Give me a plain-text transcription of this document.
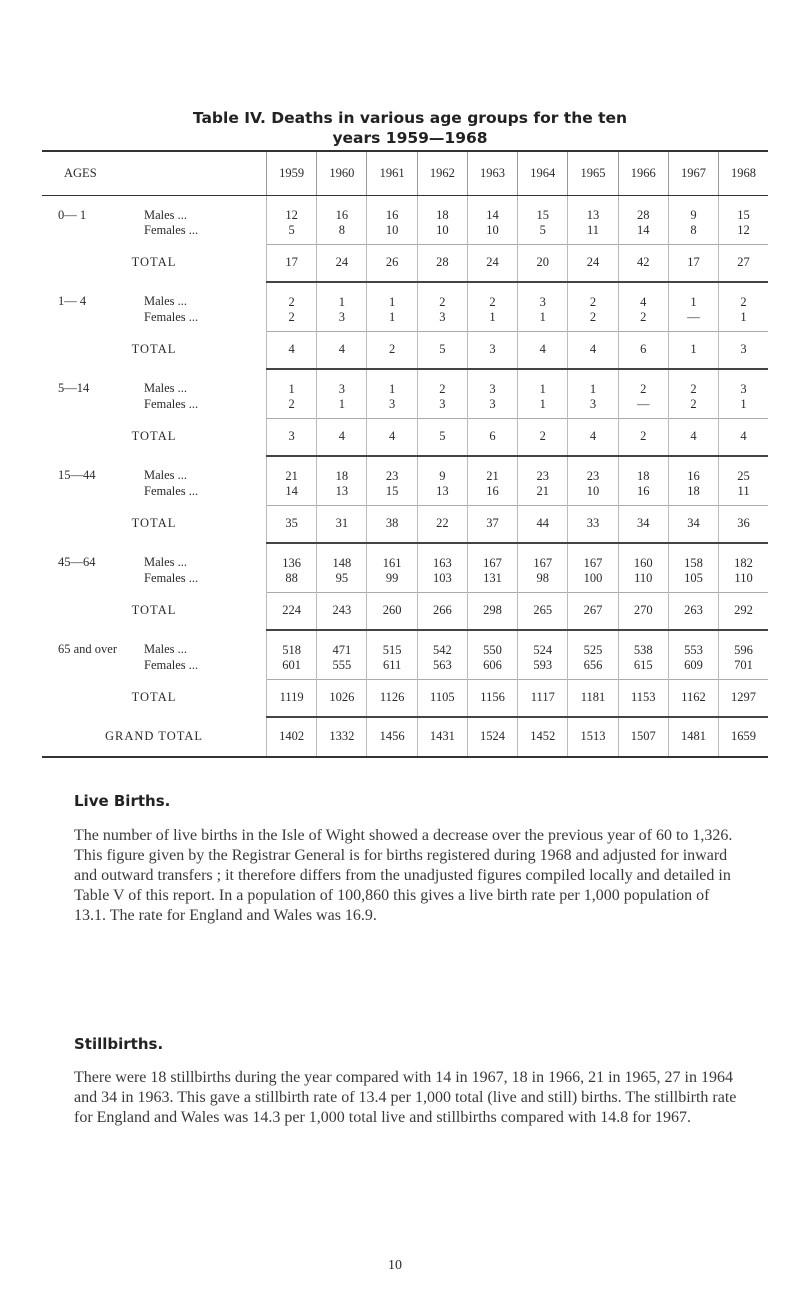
Table IV. Deaths in various age groups for the ten
years 1959—1968
AGES		1959	1960	1961	1962	1963	1964	1965	1966	1967	1968
0— 1	Males ...	12	16	16	18	14	15	13	28	9	15
	Females ...	5	8	10	10	10	5	11	14	8	12
TOTAL		17	24	26	28	24	20	24	42	17	27
1— 4	Males ...	2	1	1	2	2	3	2	4	1	2
	Females ...	2	3	1	3	1	1	2	2	—	1
TOTAL		4	4	2	5	3	4	4	6	1	3
5—14	Males ...	1	3	1	2	3	1	1	2	2	3
	Females ...	2	1	3	3	3	1	3	—	2	1
TOTAL		3	4	4	5	6	2	4	2	4	4
15—44	Males ...	21	18	23	9	21	23	23	18	16	25
	Females ...	14	13	15	13	16	21	10	16	18	11
TOTAL		35	31	38	22	37	44	33	34	34	36
45—64	Males ...	136	148	161	163	167	167	167	160	158	182
	Females ...	88	95	99	103	131	98	100	110	105	110
TOTAL		224	243	260	266	298	265	267	270	263	292
65 and over	Males ...	518	471	515	542	550	524	525	538	553	596
	Females ...	601	555	611	563	606	593	656	615	609	701
TOTAL		1119	1026	1126	1105	1156	1117	1181	1153	1162	1297
GRAND TOTAL		1402	1332	1456	1431	1524	1452	1513	1507	1481	1659
Live Births.

The number of live births in the Isle of Wight showed a decrease over the previous year of 60 to 1,326. This figure given by the Registrar General is for births registered during 1968 and adjusted for inward and outward transfers ; it therefore differs from the unadjusted figures compiled locally and detailed in Table V of this report. In a population of 100,860 this gives a live birth rate per 1,000 population of 13.1. The rate for England and Wales was 16.9.

Stillbirths.

There were 18 stillbirths during the year compared with 14 in 1967, 18 in 1966, 21 in 1965, 27 in 1964 and 34 in 1963. This gave a stillbirth rate of 13.4 per 1,000 total (live and still) births. The stillbirth rate for England and Wales was 14.3 per 1,000 total live and stillbirths compared with 14.8 for 1967.

10
